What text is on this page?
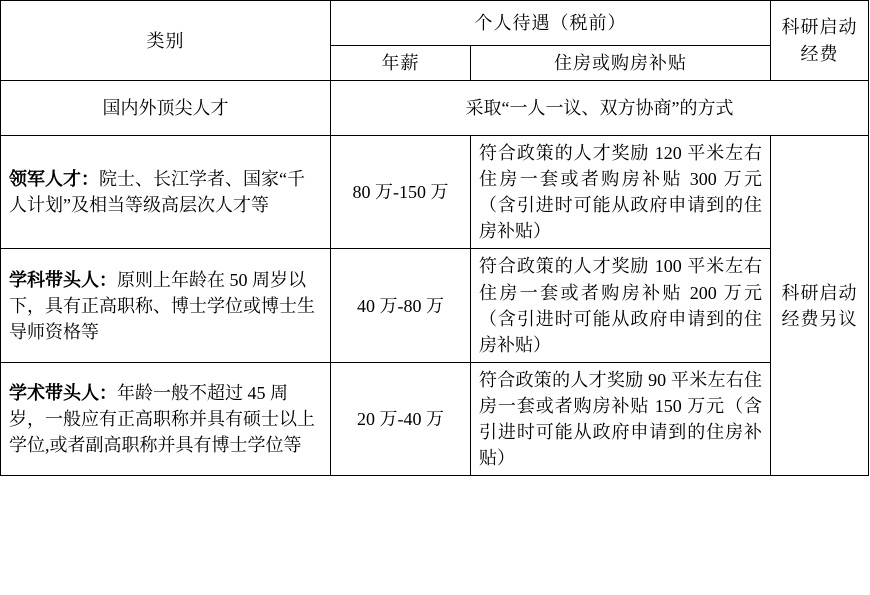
类别	个人待遇（税前）		科研启动经费
	年薪	住房或购房补贴	
国内外顶尖人才	采取“一人一议、双方协商”的方式		
领军人才：院士、长江学者、国家“千人计划”及相当等级高层次人才等	80 万-150 万	符合政策的人才奖励 120 平米左右住房一套或者购房补贴 300 万元（含引进时可能从政府申请到的住房补贴）	科研启动经费另议
学科带头人：原则上年龄在 50 周岁以下，具有正高职称、博士学位或博士生导师资格等	40 万-80 万	符合政策的人才奖励 100 平米左右住房一套或者购房补贴 200 万元（含引进时可能从政府申请到的住房补贴）	
学术带头人：年龄一般不超过 45 周岁，一般应有正高职称并具有硕士以上学位,或者副高职称并具有博士学位等	20 万-40 万	符合政策的人才奖励 90 平米左右住房一套或者购房补贴 150 万元（含引进时可能从政府申请到的住房补贴）	
